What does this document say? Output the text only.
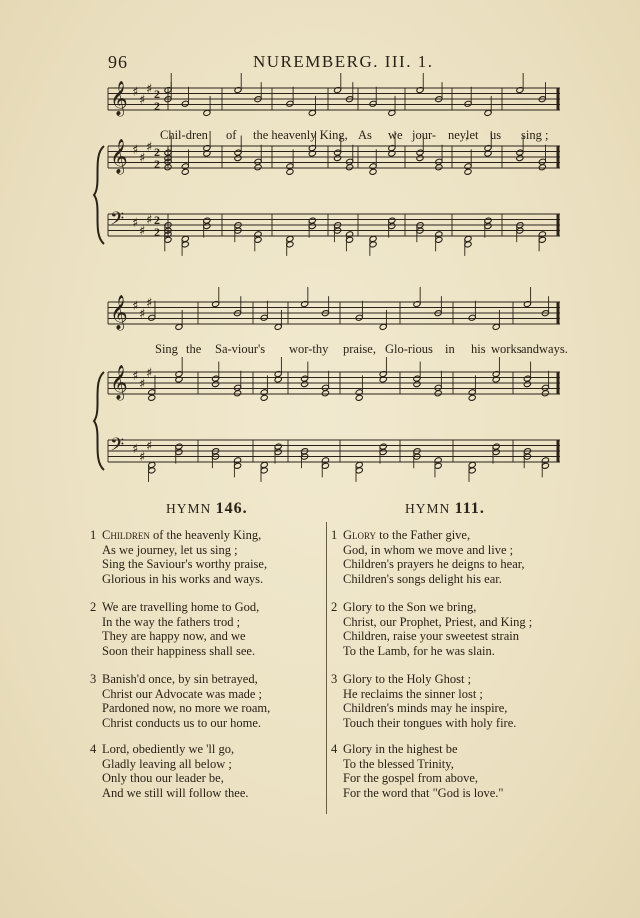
96	NUREMBERG. III. 1.
𝄞 ♯
♯
♯ 2
2
𝄞 ♯
♯
♯ 2
2
𝄢 ♯
♯
♯ 2
2
𝄞 ♯
♯
♯
𝄞 ♯
♯
♯
𝄢 ♯
♯
♯
Chil-dren of the heavenly King, As we jour- ney,
let us sing ;
Sing the Sa-viour's wor-thy praise, Glo-rious in his works and ways.
HYMN 146.	HYMN 111.
1 Children of the heavenly King,
As we journey, let us sing ;
Sing the Saviour's worthy praise,
Glorious in his works and ways.
2 We are travelling home to God,
In the way the fathers trod ;
They are happy now, and we
Soon their happiness shall see.
3 Banish'd once, by sin betrayed,
Christ our Advocate was made ;
Pardoned now, no more we roam,
Christ conducts us to our home.
4 Lord, obediently we 'll go,
Gladly leaving all below ;
Only thou our leader be,
And we still will follow thee.
1 Glory to the Father give,
God, in whom we move and live ;
Children's prayers he deigns to hear,
Children's songs delight his ear.
2 Glory to the Son we bring,
Christ, our Prophet, Priest, and King ;
Children, raise your sweetest strain
To the Lamb, for he was slain.
3 Glory to the Holy Ghost ;
He reclaims the sinner lost ;
Children's minds may he inspire,
Touch their tongues with holy fire.
4 Glory in the highest be
To the blessed Trinity,
For the gospel from above,
For the word that "God is love."
